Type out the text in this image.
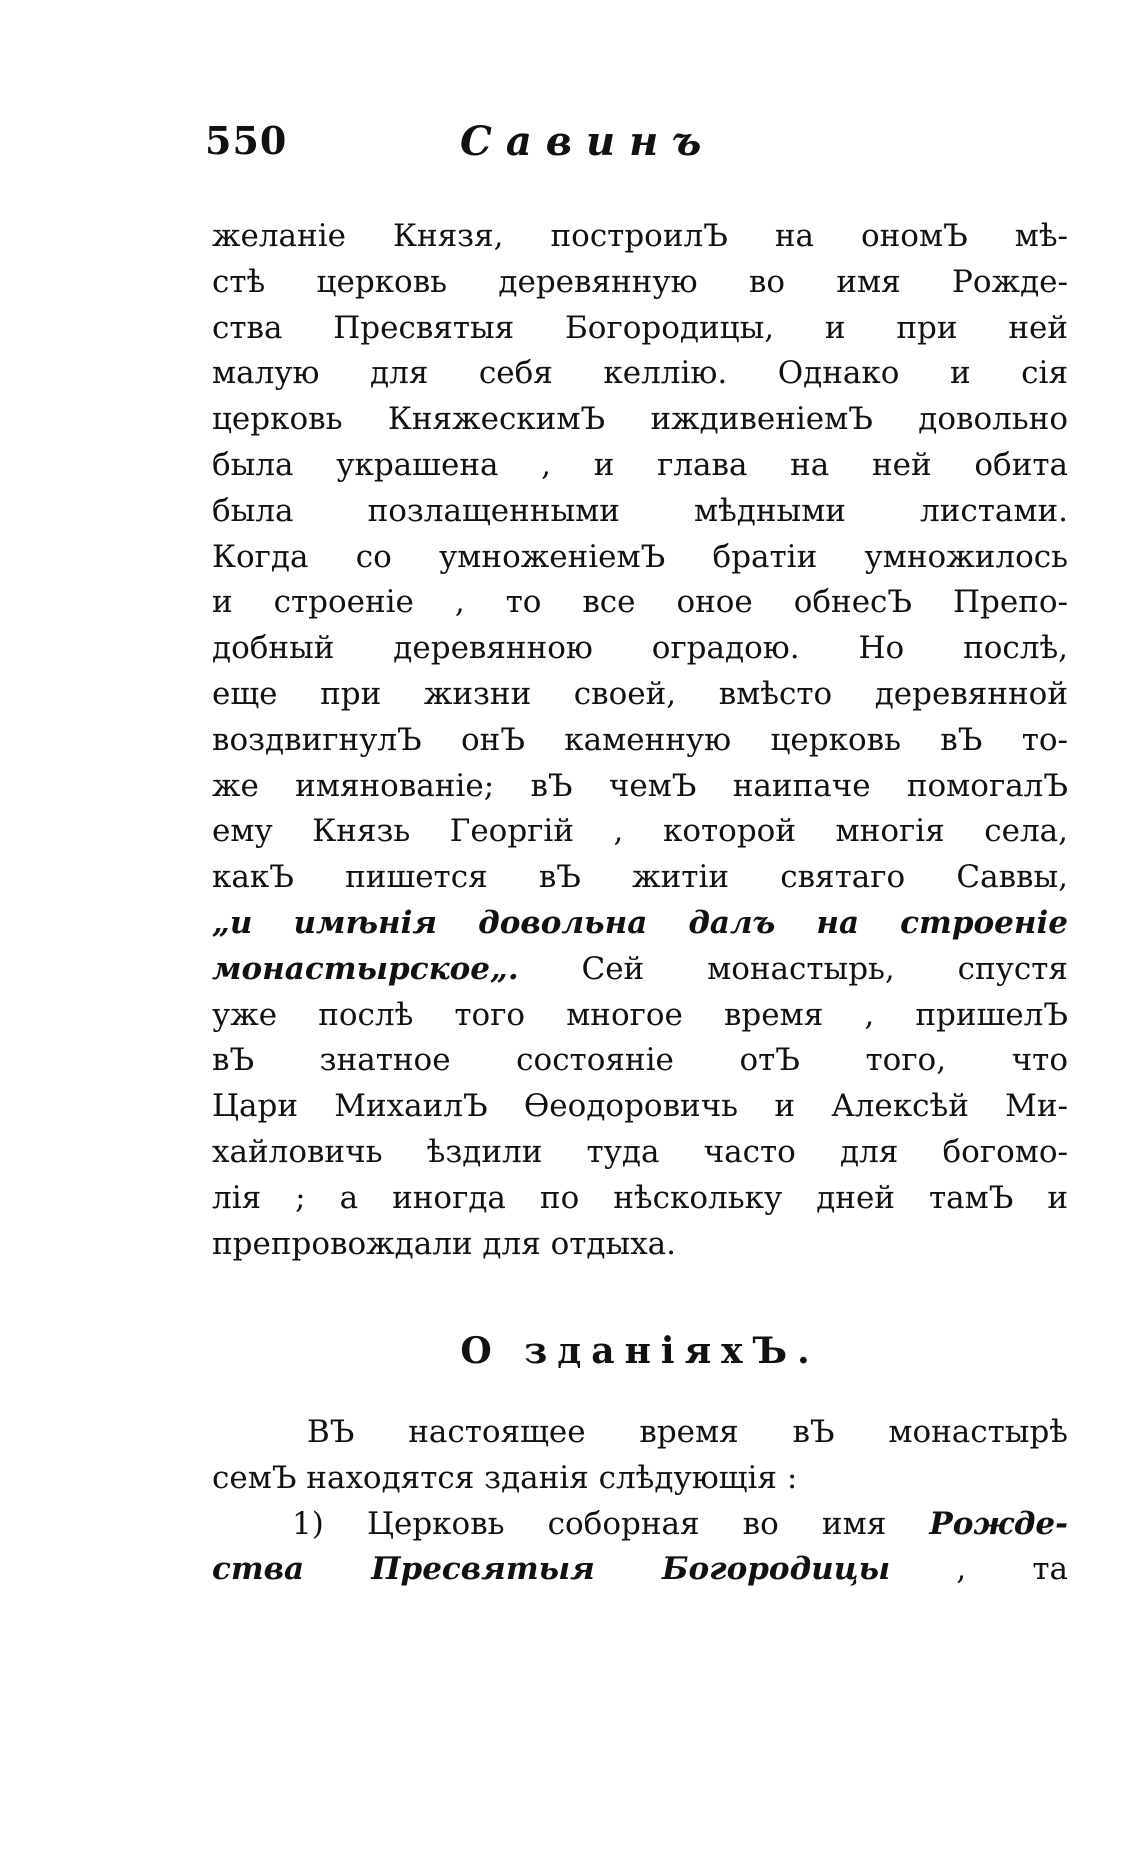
550	Савинъ
желаніе Князя, построилЪ на ономЪ мѣ-
стѣ церковь деревянную во имя Рожде-
ства Пресвятыя Богородицы, и при ней
малую для себя келлію. Однако и сія
церковь КняжескимЪ иждивеніемЪ довольно
была украшена , и глава на ней обита
была позлащенными мѣдными листами.
Когда со умноженіемЪ братіи умножилось
и строеніе , то все оное обнесЪ Препо-
добный деревянною оградою. Но послѣ,
еще при жизни своей, вмѣсто деревянной
воздвигнулЪ онЪ каменную церковь вЪ то-
же имянованіе; вЪ чемЪ наипаче помогалЪ
ему Князь Георгій , которой многія села,
какЪ пишется вЪ житіи святаго Саввы,
„и имѣнія довольна далъ на строеніе
монастырское„. Сей монастырь, спустя
уже послѣ того многое время , пришелЪ
вЪ знатное состояніе отЪ того, что
Цари МихаилЪ Ѳеодоровичь и Алексѣй Ми-
хайловичь ѣздили туда часто для богомо-
лія ; а иногда по нѣскольку дней тамЪ и
препровождали для отдыха.
О зданіяхЪ.
ВЪ настоящее время вЪ монастырѣ
семЪ находятся зданія слѣдующія :
1) Церковь соборная во имя Рожде-
ства Пресвятыя Богородицы , та
